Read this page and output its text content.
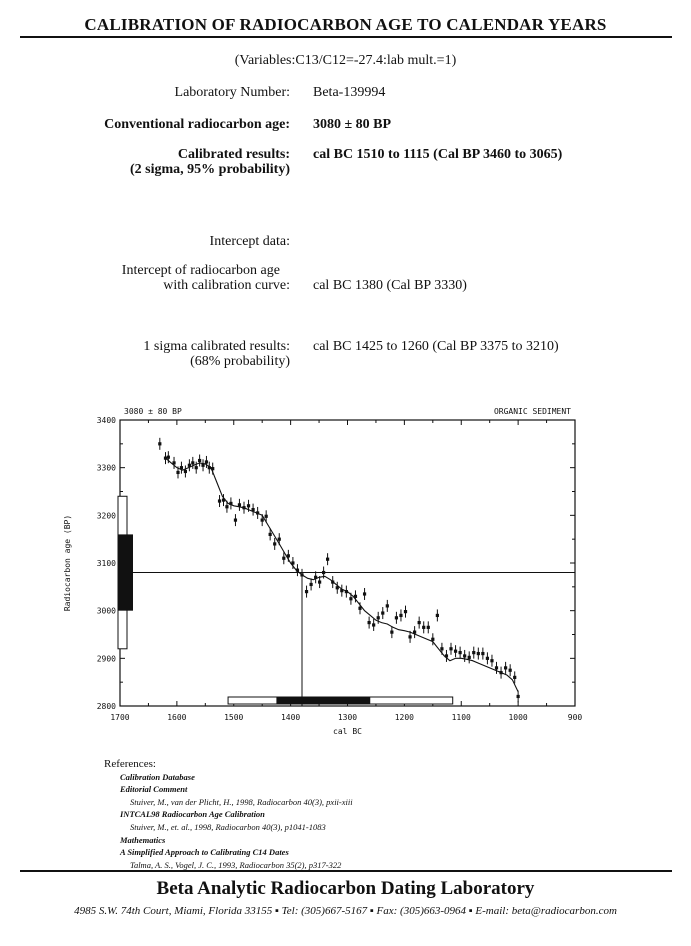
CALIBRATION OF RADIOCARBON AGE TO CALENDAR YEARS
(Variables:C13/C12=-27.4:lab mult.=1)
Laboratory Number: Beta-139994
Conventional radiocarbon age: 3080 ± 80 BP
Calibrated results:
(2 sigma, 95% probability)
cal BC 1510 to 1115 (Cal BP 3460 to 3065)
Intercept data:
Intercept of radiocarbon age
with calibration curve: cal BC 1380 (Cal BP 3330)
1 sigma calibrated results:
(68% probability)
cal BC 1425 to 1260 (Cal BP 3375 to 3210)
1700	1600	1500	1400	1300	1200	1100	1000	900
2800
2900
3000
3100
3200
3300
3400
3080 ± 80 BP	ORGANIC SEDIMENT
cal BC
Radiocarbon age (BP)
References:
Calibration Database
Editorial Comment
Stuiver, M., van der Plicht, H., 1998, Radiocarbon 40(3), pxii-xiii
INTCAL98 Radiocarbon Age Calibration
Stuiver, M., et. al., 1998, Radiocarbon 40(3), p1041-1083
Mathematics
A Simplified Approach to Calibrating C14 Dates
Talma, A. S., Vogel, J. C., 1993, Radiocarbon 35(2), p317-322
Beta Analytic Radiocarbon Dating Laboratory
4985 S.W. 74th Court, Miami, Florida 33155 ▪ Tel: (305)667-5167 ▪ Fax: (305)663-0964 ▪ E-mail: beta@radiocarbon.com
